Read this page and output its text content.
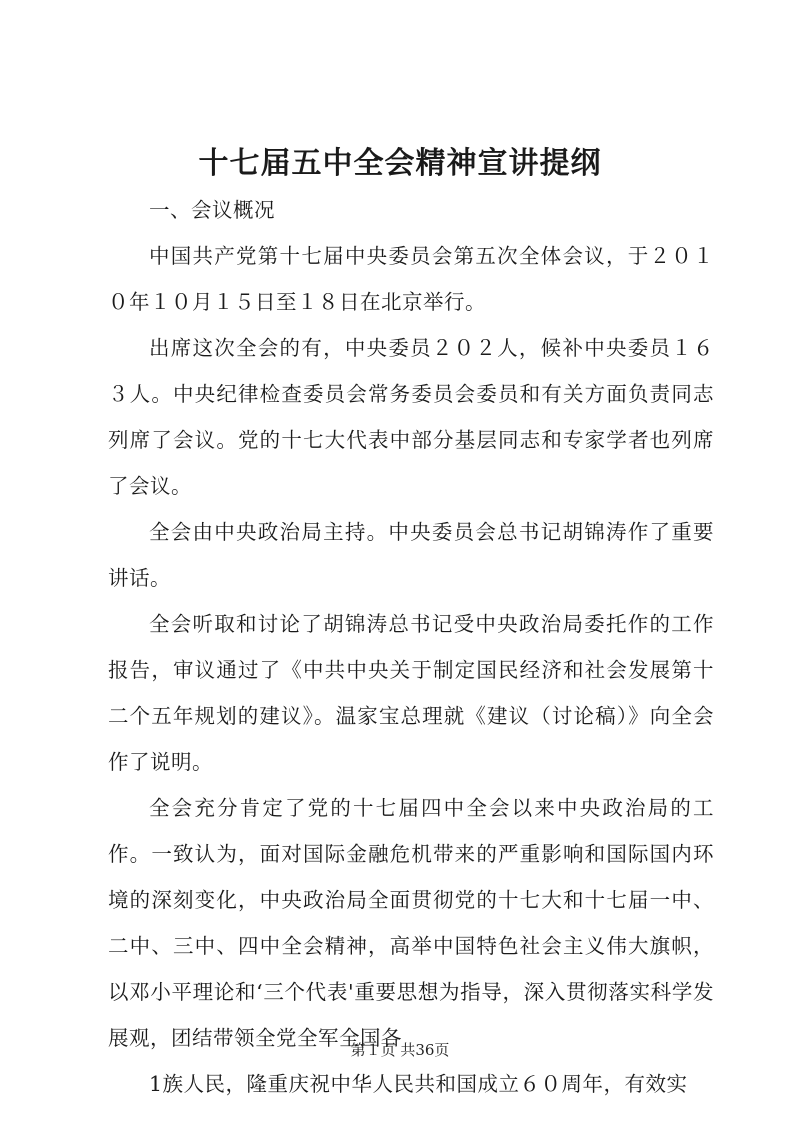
十七届五中全会精神宣讲提纲

一、会议概况

中国共产党第十七届中央委员会第五次全体会议，于２０１０年１０月１５日至１８日在北京举行。

出席这次全会的有，中央委员２０２人，候补中央委员１６３人。中央纪律检查委员会常务委员会委员和有关方面负责同志列席了会议。党的十七大代表中部分基层同志和专家学者也列席了会议。

全会由中央政治局主持。中央委员会总书记胡锦涛作了重要讲话。

全会听取和讨论了胡锦涛总书记受中央政治局委托作的工作报告，审议通过了《中共中央关于制定国民经济和社会发展第十二个五年规划的建议》。温家宝总理就《建议（讨论稿）》向全会作了说明。

全会充分肯定了党的十七届四中全会以来中央政治局的工作。一致认为，面对国际金融危机带来的严重影响和国际国内环境的深刻变化，中央政治局全面贯彻党的十七大和十七届一中、二中、三中、四中全会精神，高举中国特色社会主义伟大旗帜，以邓小平理论和‘三个代表'重要思想为指导，深入贯彻落实科学发展观，团结带领全党全军全国各

1族人民，隆重庆祝中华人民共和国成立６０周年，有效实

第１页 共36页
